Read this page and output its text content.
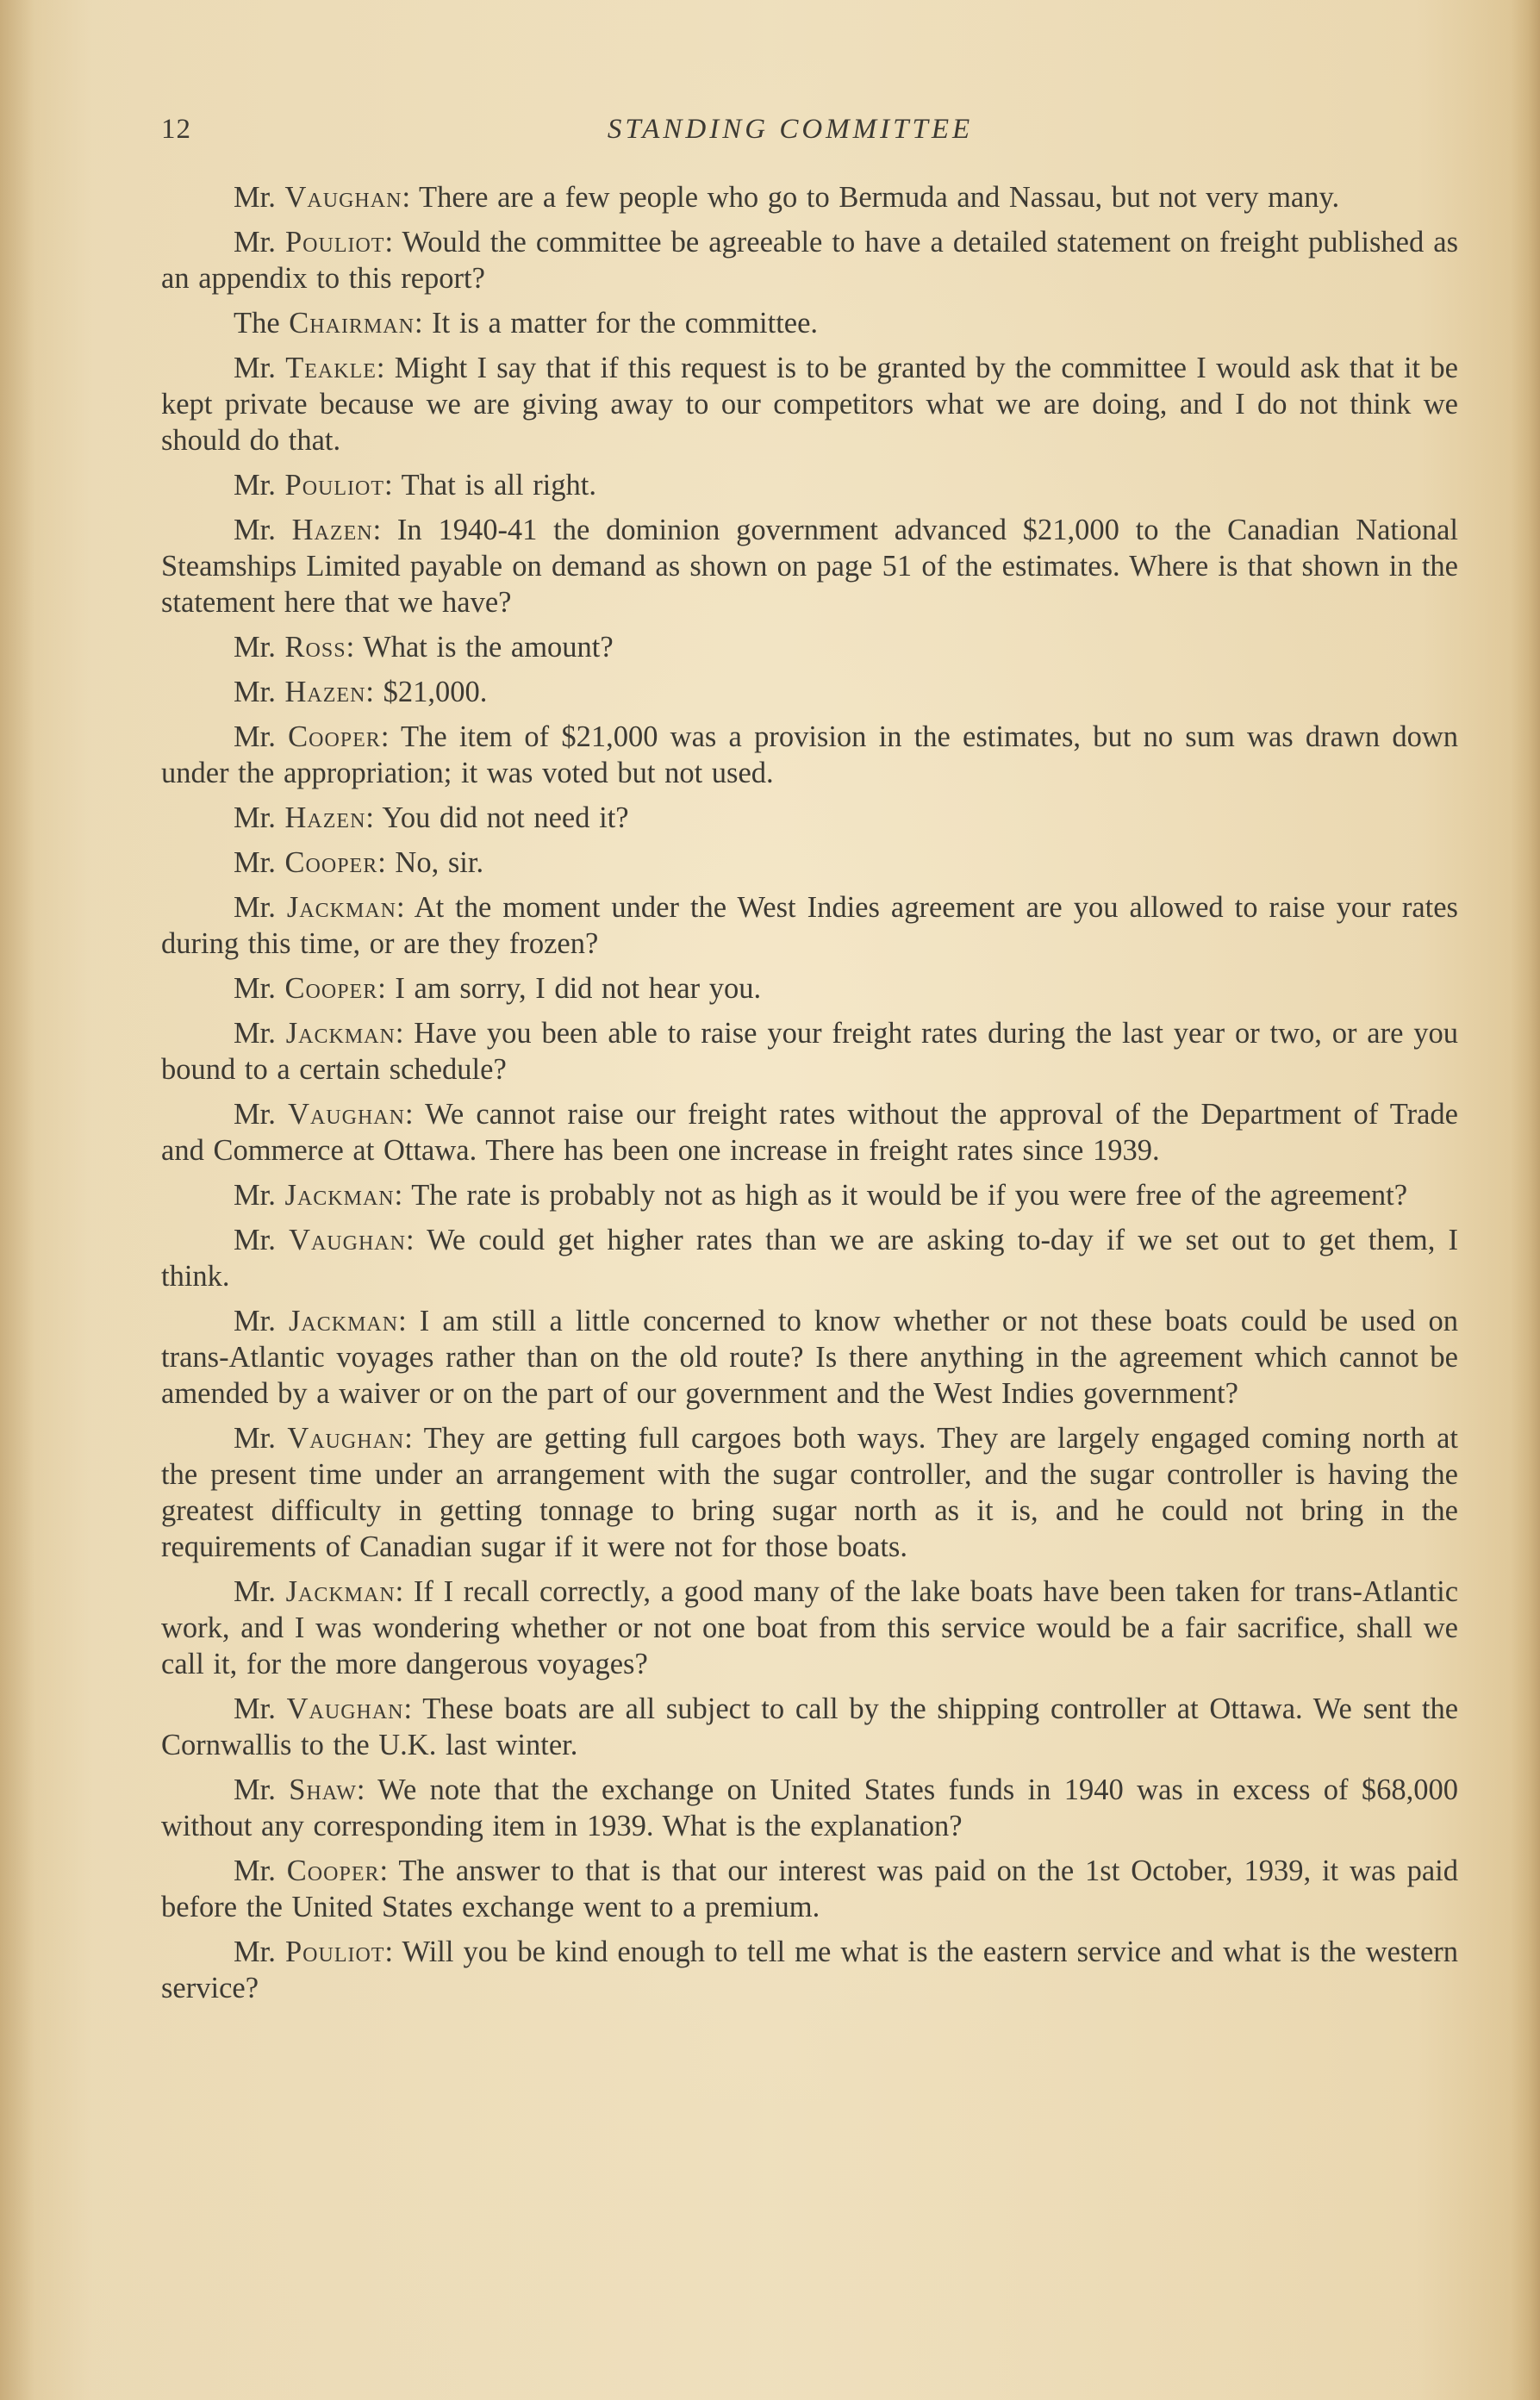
12	STANDING COMMITTEE

Mr. Vaughan: There are a few people who go to Bermuda and Nassau, but not very many.

Mr. Pouliot: Would the committee be agreeable to have a detailed statement on freight published as an appendix to this report?

The Chairman: It is a matter for the committee.

Mr. Teakle: Might I say that if this request is to be granted by the committee I would ask that it be kept private because we are giving away to our competitors what we are doing, and I do not think we should do that.

Mr. Pouliot: That is all right.

Mr. Hazen: In 1940-41 the dominion government advanced $21,000 to the Canadian National Steamships Limited payable on demand as shown on page 51 of the estimates. Where is that shown in the statement here that we have?

Mr. Ross: What is the amount?

Mr. Hazen: $21,000.

Mr. Cooper: The item of $21,000 was a provision in the estimates, but no sum was drawn down under the appropriation; it was voted but not used.

Mr. Hazen: You did not need it?

Mr. Cooper: No, sir.

Mr. Jackman: At the moment under the West Indies agreement are you allowed to raise your rates during this time, or are they frozen?

Mr. Cooper: I am sorry, I did not hear you.

Mr. Jackman: Have you been able to raise your freight rates during the last year or two, or are you bound to a certain schedule?

Mr. Vaughan: We cannot raise our freight rates without the approval of the Department of Trade and Commerce at Ottawa. There has been one increase in freight rates since 1939.

Mr. Jackman: The rate is probably not as high as it would be if you were free of the agreement?

Mr. Vaughan: We could get higher rates than we are asking to-day if we set out to get them, I think.

Mr. Jackman: I am still a little concerned to know whether or not these boats could be used on trans-Atlantic voyages rather than on the old route? Is there anything in the agreement which cannot be amended by a waiver or on the part of our government and the West Indies government?

Mr. Vaughan: They are getting full cargoes both ways. They are largely engaged coming north at the present time under an arrangement with the sugar controller, and the sugar controller is having the greatest difficulty in getting tonnage to bring sugar north as it is, and he could not bring in the requirements of Canadian sugar if it were not for those boats.

Mr. Jackman: If I recall correctly, a good many of the lake boats have been taken for trans-Atlantic work, and I was wondering whether or not one boat from this service would be a fair sacrifice, shall we call it, for the more dangerous voyages?

Mr. Vaughan: These boats are all subject to call by the shipping controller at Ottawa. We sent the Cornwallis to the U.K. last winter.

Mr. Shaw: We note that the exchange on United States funds in 1940 was in excess of $68,000 without any corresponding item in 1939. What is the explanation?

Mr. Cooper: The answer to that is that our interest was paid on the 1st October, 1939, it was paid before the United States exchange went to a premium.

Mr. Pouliot: Will you be kind enough to tell me what is the eastern service and what is the western service?
